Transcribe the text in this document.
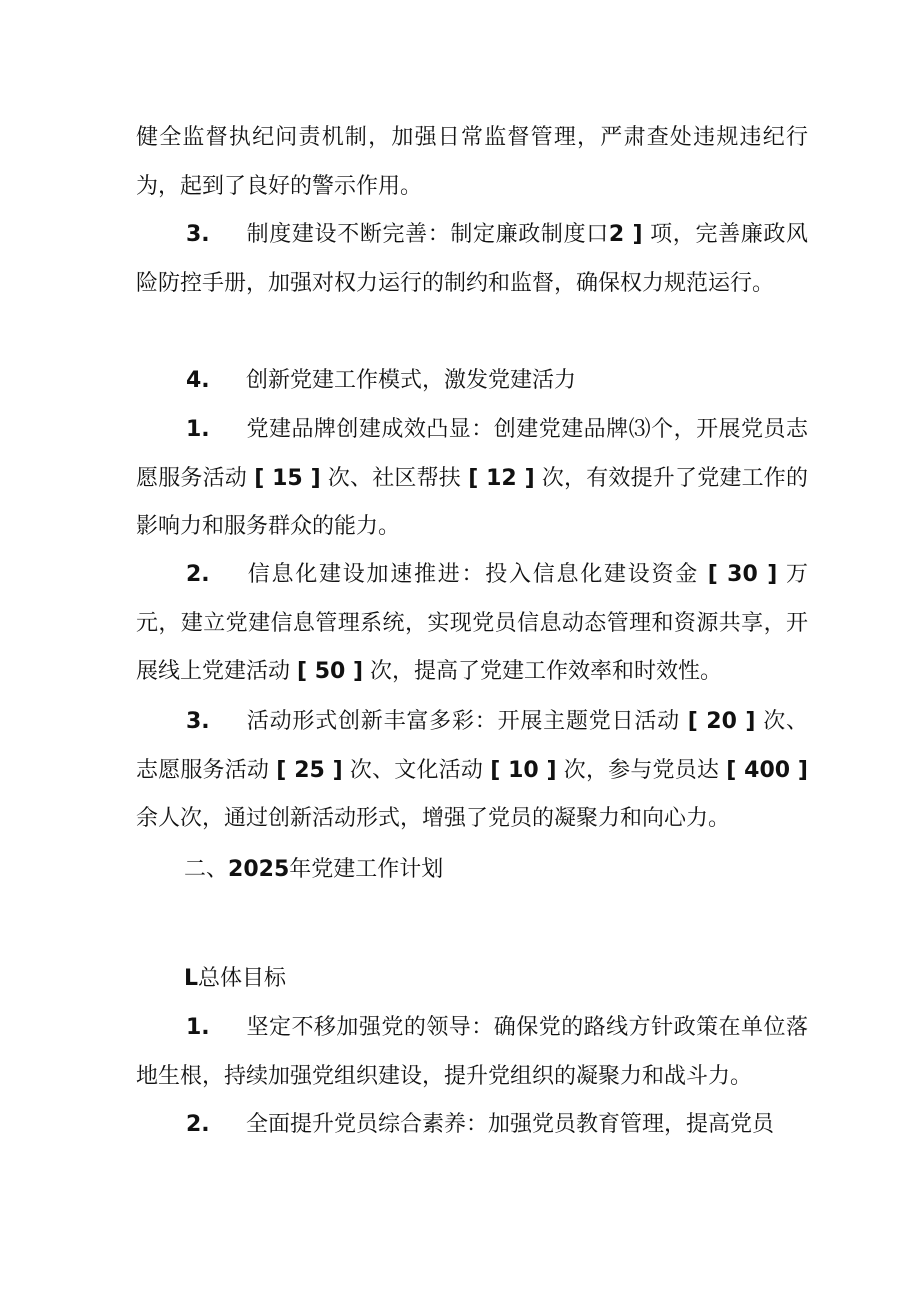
健全监督执纪问责机制，加强日常监督管理，严肃查处违规违纪行为，起到了良好的警示作用。

3. 制度建设不断完善：制定廉政制度口2 ] 项，完善廉政风险防控手册，加强对权力运行的制约和监督，确保权力规范运行。

4. 创新党建工作模式，激发党建活力

1. 党建品牌创建成效凸显：创建党建品牌⑶个，开展党员志愿服务活动 [ 15 ] 次、社区帮扶 [ 12 ] 次，有效提升了党建工作的影响力和服务群众的能力。

2. 信息化建设加速推进：投入信息化建设资金 [ 30 ] 万元，建立党建信息管理系统，实现党员信息动态管理和资源共享，开展线上党建活动 [ 50 ] 次，提高了党建工作效率和时效性。

3. 活动形式创新丰富多彩：开展主题党日活动 [ 20 ] 次、志愿服务活动 [ 25 ] 次、文化活动 [ 10 ] 次，参与党员达 [ 400 ] 余人次，通过创新活动形式，增强了党员的凝聚力和向心力。

二、2025年党建工作计划

L总体目标

1. 坚定不移加强党的领导：确保党的路线方针政策在单位落地生根，持续加强党组织建设，提升党组织的凝聚力和战斗力。

2. 全面提升党员综合素养：加强党员教育管理，提高党员
